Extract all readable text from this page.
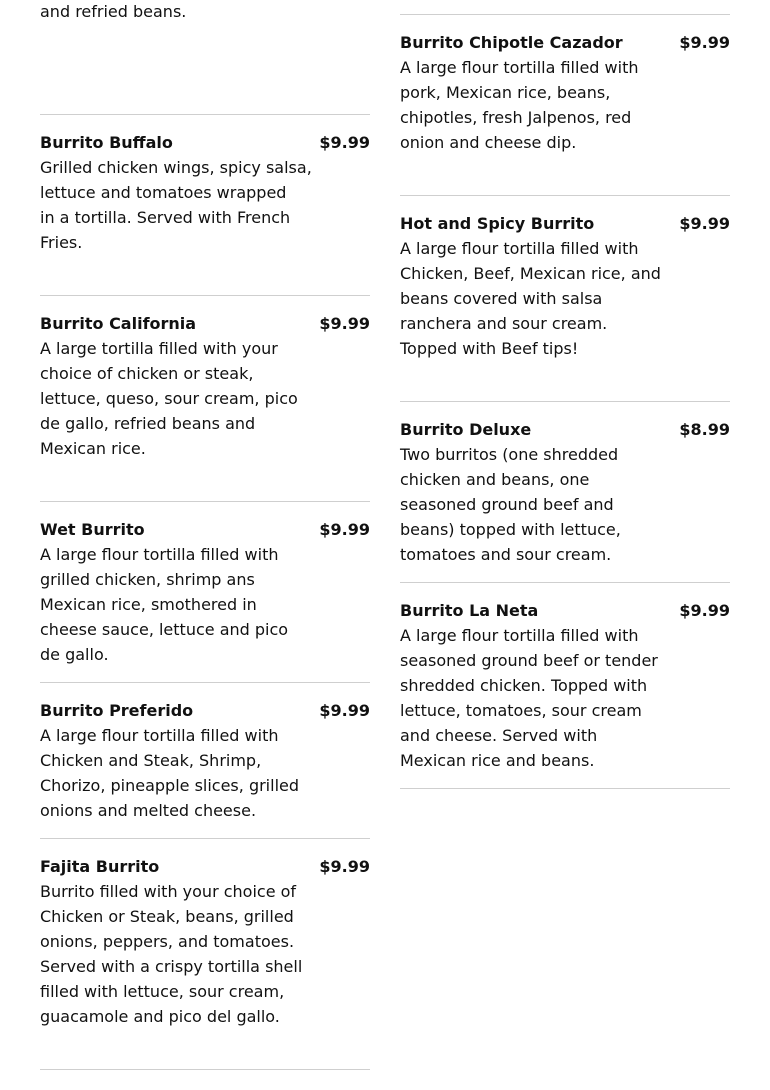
and refried beans.
Burrito Buffalo	$9.99
Grilled chicken wings, spicy salsa,
lettuce and tomatoes wrapped
in a tortilla. Served with French
Fries.
Burrito California	$9.99
A large tortilla filled with your
choice of chicken or steak,
lettuce, queso, sour cream, pico
de gallo, refried beans and
Mexican rice.
Wet Burrito	$9.99
A large flour tortilla filled with
grilled chicken, shrimp ans
Mexican rice, smothered in
cheese sauce, lettuce and pico
de gallo.
Burrito Preferido	$9.99
A large flour tortilla filled with
Chicken and Steak, Shrimp,
Chorizo, pineapple slices, grilled
onions and melted cheese.
Fajita Burrito	$9.99
Burrito filled with your choice of
Chicken or Steak, beans, grilled
onions, peppers, and tomatoes.
Served with a crispy tortilla shell
filled with lettuce, sour cream,
guacamole and pico del gallo.
Burrito Chipotle Cazador	$9.99
A large flour tortilla filled with
pork, Mexican rice, beans,
chipotles, fresh Jalpenos, red
onion and cheese dip.
Hot and Spicy Burrito	$9.99
A large flour tortilla filled with
Chicken, Beef, Mexican rice, and
beans covered with salsa
ranchera and sour cream.
Topped with Beef tips!
Burrito Deluxe	$8.99
Two burritos (one shredded
chicken and beans, one
seasoned ground beef and
beans) topped with lettuce,
tomatoes and sour cream.
Burrito La Neta	$9.99
A large flour tortilla filled with
seasoned ground beef or tender
shredded chicken. Topped with
lettuce, tomatoes, sour cream
and cheese. Served with
Mexican rice and beans.
